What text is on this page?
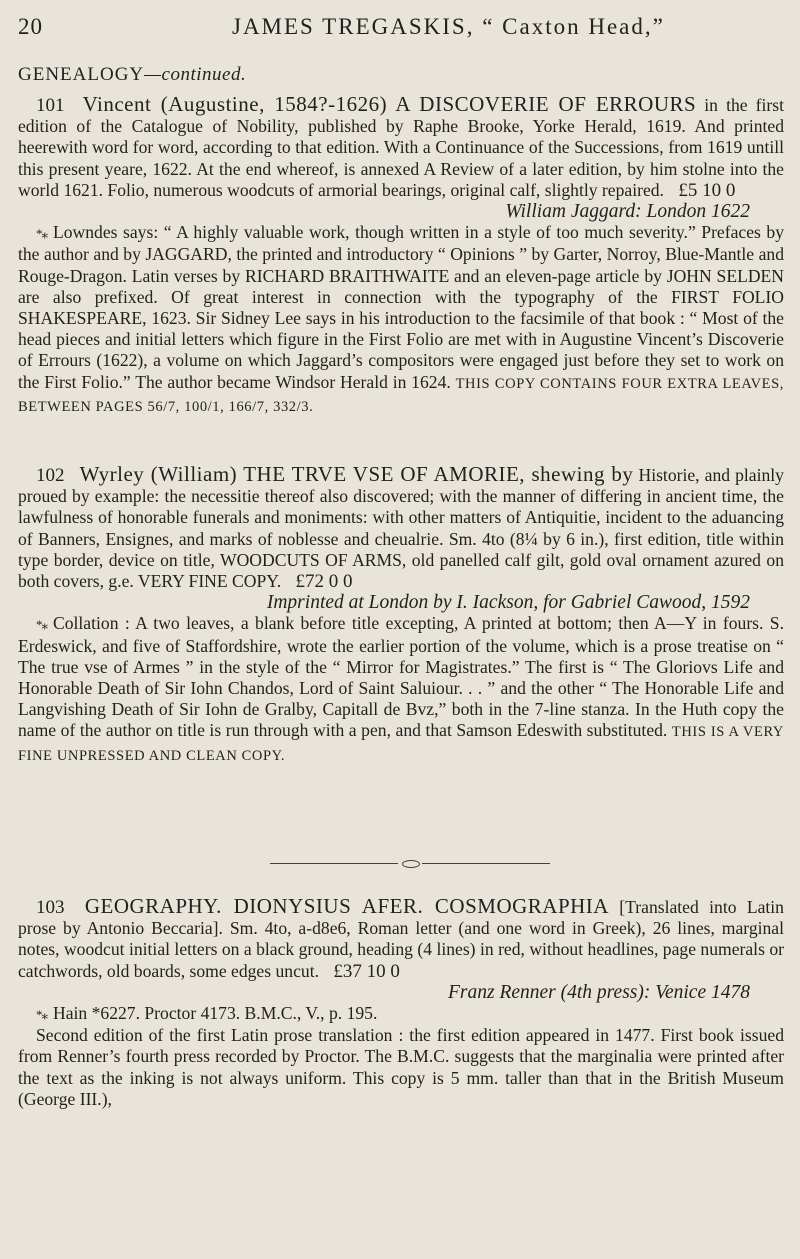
20	JAMES TREGASKIS, “ Caxton Head,”
GENEALOGY—continued.

101 Vincent (Augustine, 1584?-1626) A DISCOVERIE OF ERROURS in the first edition of the Catalogue of Nobility, published by Raphe Brooke, Yorke Herald, 1619. And printed heerewith word for word, according to that edition. With a Continuance of the Successions, from 1619 untill this present yeare, 1622. At the end whereof, is annexed A Review of a later edition, by him stolne into the world 1621. Folio, numerous woodcuts of armorial bearings, original calf, slightly repaired. £5 10 0

William Jaggard: London 1622

*⁎ Lowndes says: “ A highly valuable work, though written in a style of too much severity.” Prefaces by the author and by JAGGARD, the printed and introductory “ Opinions ” by Garter, Norroy, Blue-Mantle and Rouge-Dragon. Latin verses by RICHARD BRAITHWAITE and an eleven-page article by JOHN SELDEN are also prefixed. Of great interest in connection with the typography of the FIRST FOLIO SHAKESPEARE, 1623. Sir Sidney Lee says in his introduction to the facsimile of that book : “ Most of the head pieces and initial letters which figure in the First Folio are met with in Augustine Vincent’s Discoverie of Errours (1622), a volume on which Jaggard’s compositors were engaged just before they set to work on the First Folio.” The author became Windsor Herald in 1624. THIS COPY CONTAINS FOUR EXTRA LEAVES, BETWEEN PAGES 56/7, 100/1, 166/7, 332/3.

102 Wyrley (William) THE TRVE VSE OF AMORIE, shewing by Historie, and plainly proued by example: the necessitie thereof also discovered; with the manner of differing in ancient time, the lawfulness of honorable funerals and moniments: with other matters of Antiquitie, incident to the aduancing of Banners, Ensignes, and marks of noblesse and cheualrie. Sm. 4to (8¼ by 6 in.), first edition, title within type border, device on title, WOODCUTS OF ARMS, old panelled calf gilt, gold oval ornament azured on both covers, g.e. VERY FINE COPY. £72 0 0

Imprinted at London by I. Iackson, for Gabriel Cawood, 1592

*⁎ Collation : A two leaves, a blank before title excepting, A printed at bottom; then A—Y in fours. S. Erdeswick, and five of Staffordshire, wrote the earlier portion of the volume, which is a prose treatise on “ The true vse of Armes ” in the style of the “ Mirror for Magistrates.” The first is “ The Gloriovs Life and Honorable Death of Sir Iohn Chandos, Lord of Saint Saluiour. . . ” and the other “ The Honorable Life and Langvishing Death of Sir Iohn de Gralby, Capitall de Bvz,” both in the 7-line stanza. In the Huth copy the name of the author on title is run through with a pen, and that Samson Edeswith substituted. THIS IS A VERY FINE UNPRESSED AND CLEAN COPY.

103 GEOGRAPHY. DIONYSIUS AFER. COSMOGRAPHIA [Translated into Latin prose by Antonio Beccaria]. Sm. 4to, a-d8e6, Roman letter (and one word in Greek), 26 lines, marginal notes, woodcut initial letters on a black ground, heading (4 lines) in red, without headlines, page numerals or catchwords, old boards, some edges uncut. £37 10 0

Franz Renner (4th press): Venice 1478

*⁎ Hain *6227. Proctor 4173. B.M.C., V., p. 195.

Second edition of the first Latin prose translation : the first edition appeared in 1477. First book issued from Renner’s fourth press recorded by Proctor. The B.M.C. suggests that the marginalia were printed after the text as the inking is not always uniform. This copy is 5 mm. taller than that in the British Museum (George III.),
